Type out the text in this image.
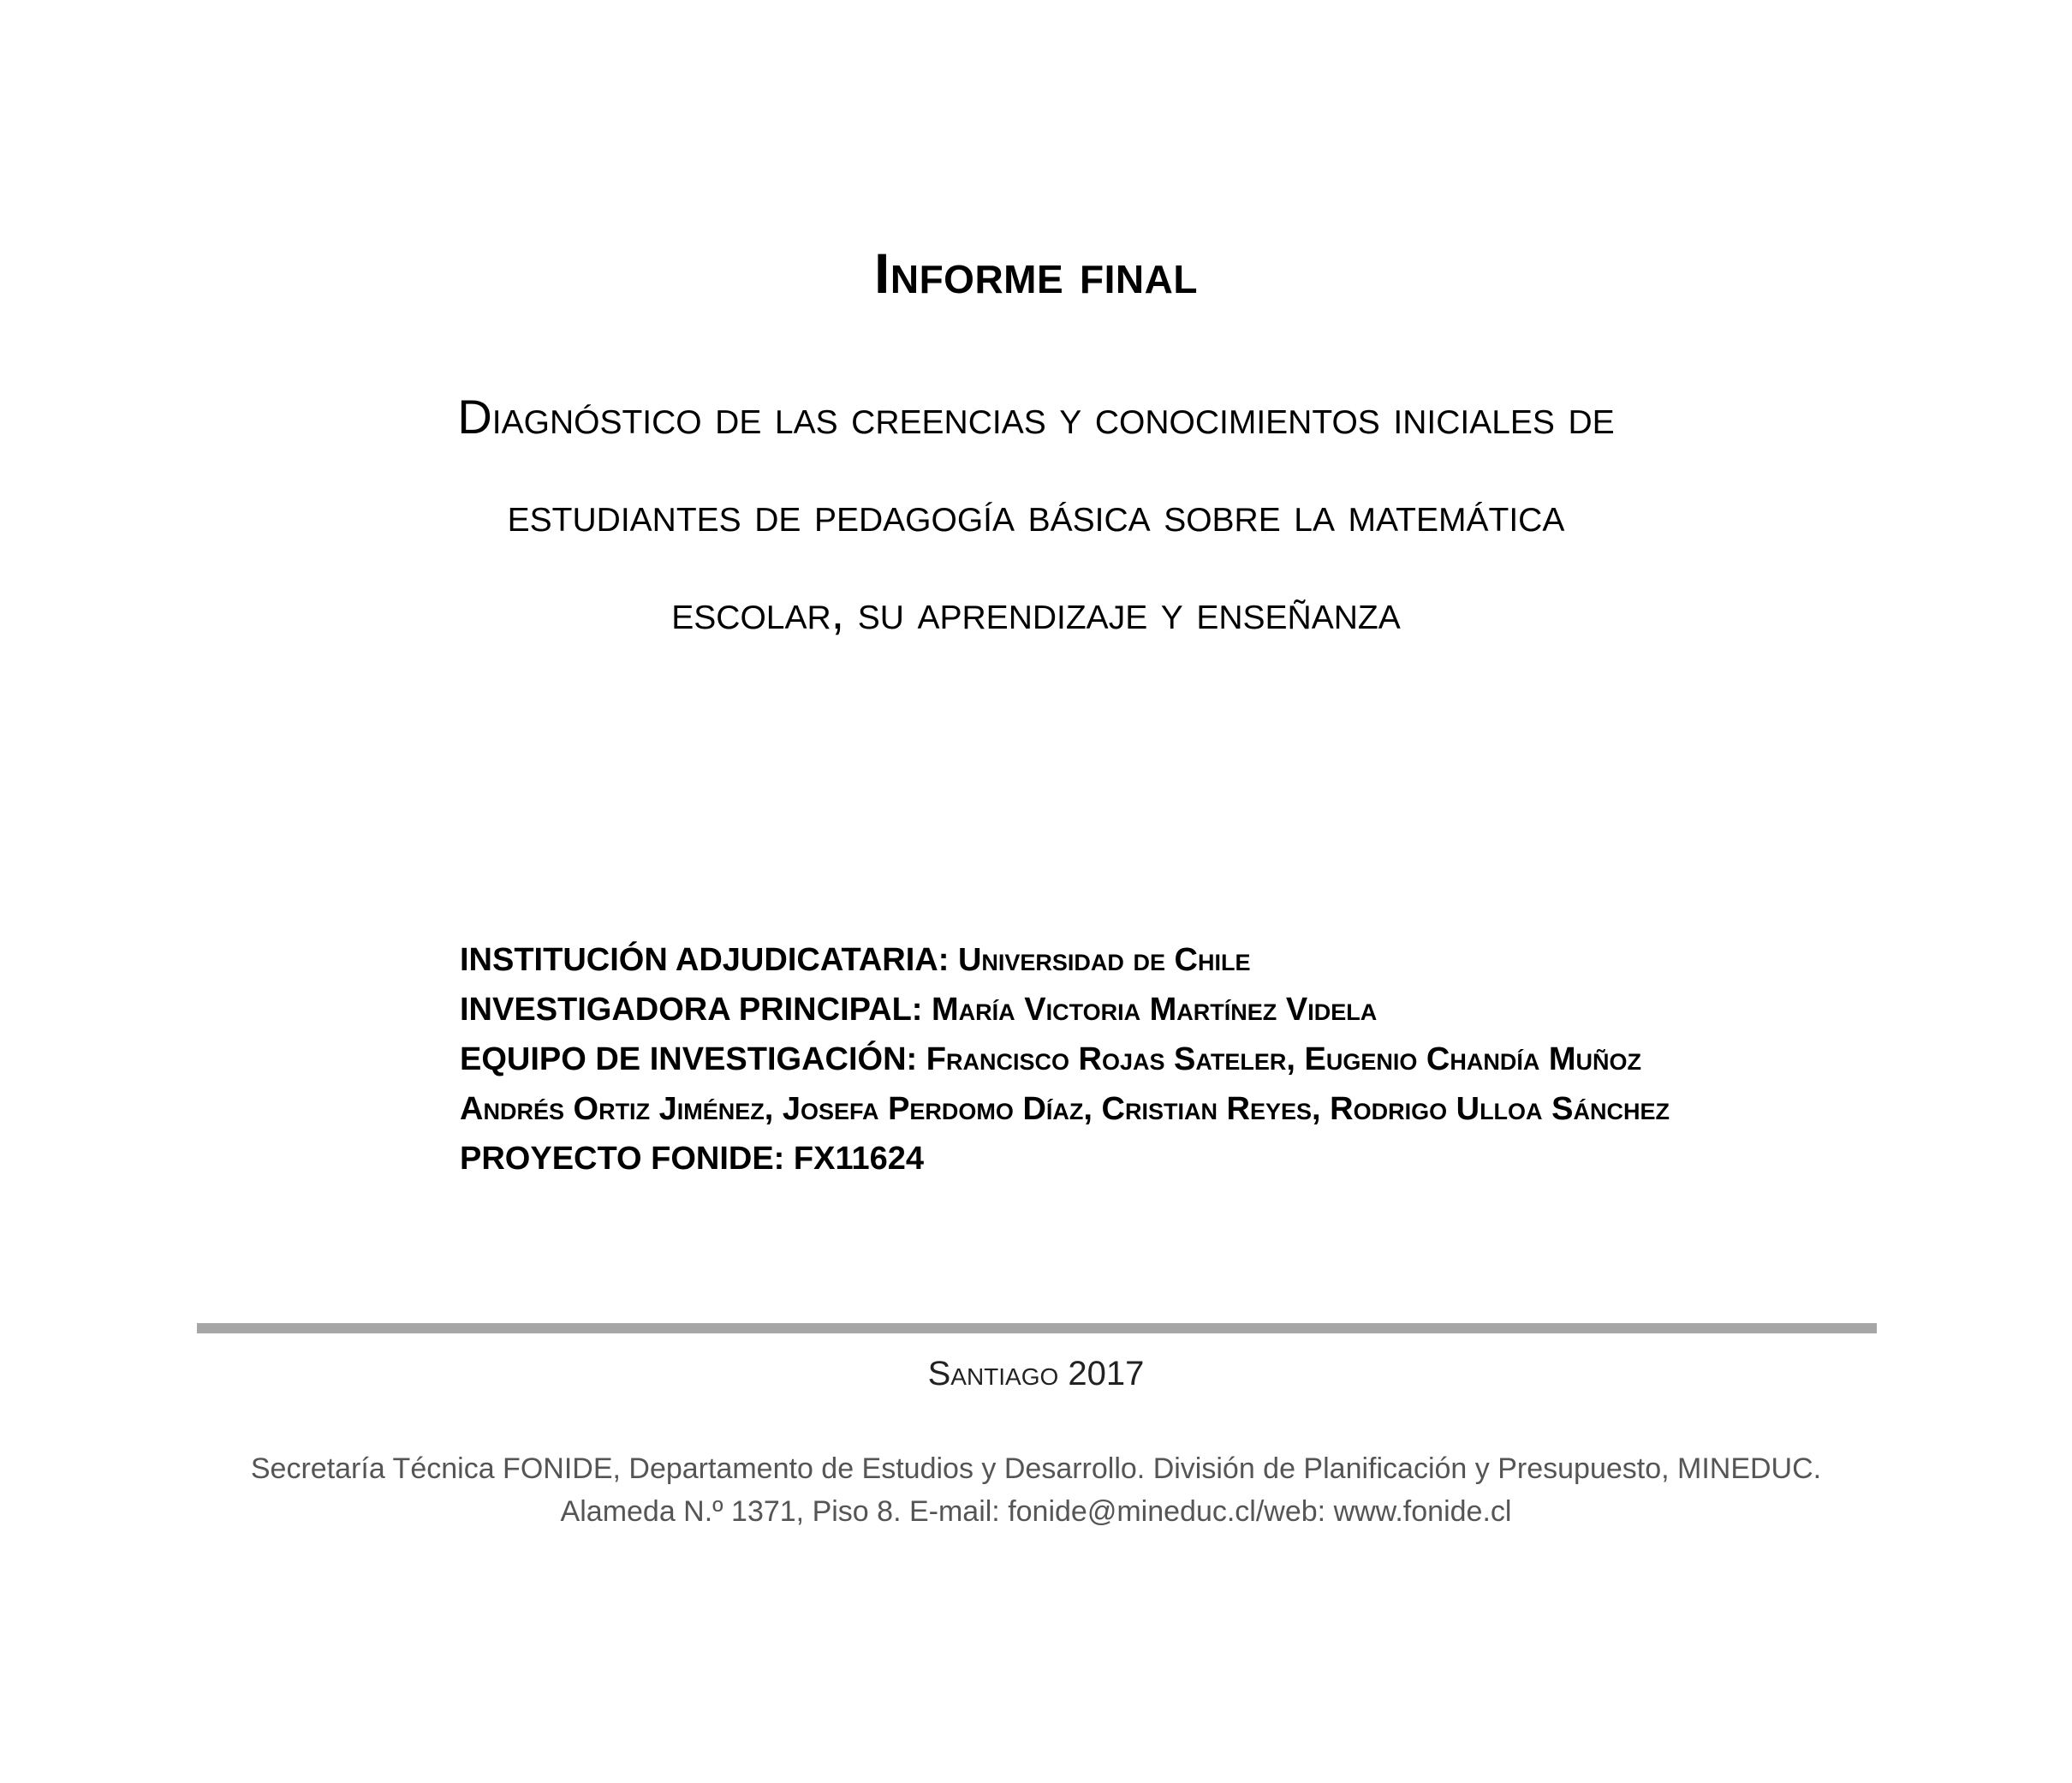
Informe final
Diagnóstico de las creencias y conocimientos iniciales de
estudiantes de pedagogía básica sobre la matemática
escolar, su aprendizaje y enseñanza
INSTITUCIÓN ADJUDICATARIA: Universidad de Chile
INVESTIGADORA PRINCIPAL: María Victoria Martínez Videla
EQUIPO DE INVESTIGACIÓN: Francisco Rojas Sateler, Eugenio Chandía Muñoz
Andrés Ortiz Jiménez, Josefa Perdomo Díaz, Cristian Reyes, Rodrigo Ulloa Sánchez
PROYECTO FONIDE: FX11624
Santiago 2017
Secretaría Técnica FONIDE, Departamento de Estudios y Desarrollo. División de Planificación y Presupuesto, MINEDUC.
Alameda N.º 1371, Piso 8. E-mail: fonide@mineduc.cl/web: www.fonide.cl
